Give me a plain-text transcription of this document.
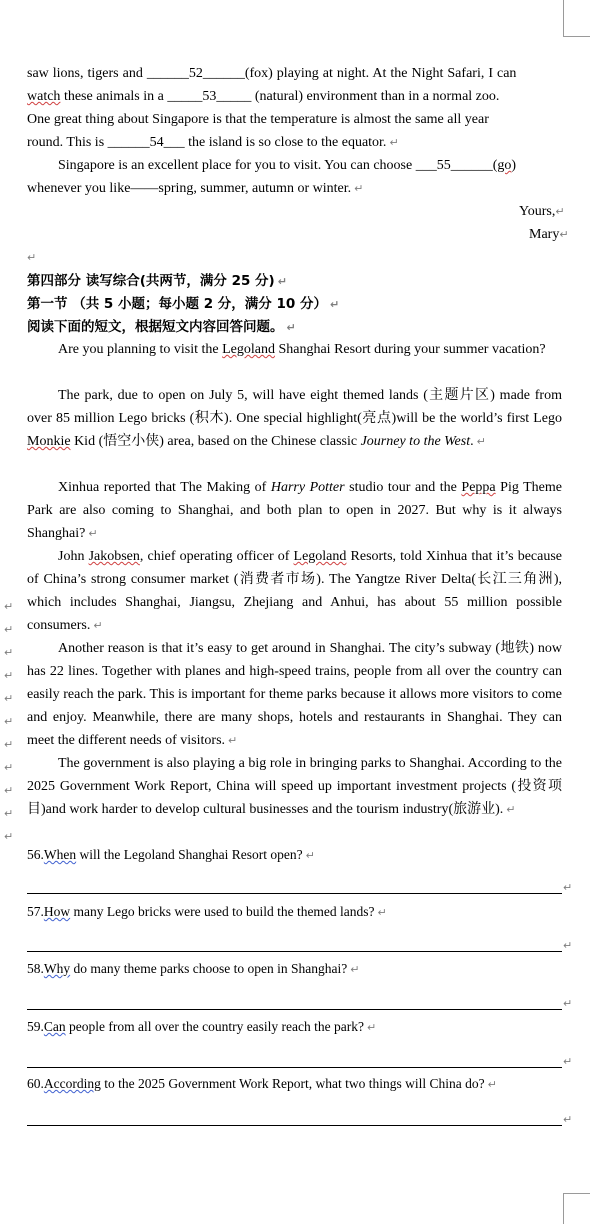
saw lions, tigers and ______52______(fox) playing at night. At the Night Safari, I can
watch these animals in a _____53_____ (natural) environment than in a normal zoo.
One great thing about Singapore is that the temperature is almost the same all year
round. This is ______54___ the island is so close to the equator. ↵
Singapore is an excellent place for you to visit. You can choose ___55______(go)
whenever you like——spring, summer, autumn or winter. ↵
Yours,↵
Mary↵
↵
第四部分 读写综合(共两节，满分 25 分) ↵
第一节 （共 5 小题；每小题 2 分，满分 10 分） ↵
阅读下面的短文，根据短文内容回答问题。 ↵

Are you planning to visit the Legoland Shanghai Resort during your summer vacation?

The park, due to open on July 5, will have eight themed lands (主题片区) made from over 85 million Lego bricks (积木). One special highlight(亮点)will be the world’s first Lego Monkie Kid (悟空小侠) area, based on the Chinese classic Journey to the West. ↵

Xinhua reported that The Making of Harry Potter studio tour and the Peppa Pig Theme Park are also coming to Shanghai, and both plan to open in 2027. But why is it always Shanghai? ↵

John Jakobsen, chief operating officer of Legoland Resorts, told Xinhua that it’s because of China’s strong consumer market (消费者市场). The Yangtze River Delta(长江三角洲), which includes Shanghai, Jiangsu, Zhejiang and Anhui, has about 55 million possible consumers. ↵

Another reason is that it’s easy to get around in Shanghai. The city’s subway (地铁) now has 22 lines. Together with planes and high-speed trains, people from all over the country can easily reach the park. This is important for theme parks because it allows more visitors to come and enjoy. Meanwhile, there are many shops, hotels and restaurants in Shanghai. They can meet the different needs of visitors. ↵

The government is also playing a big role in bringing parks to Shanghai. According to the 2025 Government Work Report, China will speed up important investment projects (投资项目)and work harder to develop cultural businesses and the tourism industry(旅游业). ↵

↵
↵
↵
↵
↵
↵
↵
↵
↵
↵
↵
56.When will the Legoland Shanghai Resort open? ↵
↵
57.How many Lego bricks were used to build the themed lands? ↵
↵
58.Why do many theme parks choose to open in Shanghai? ↵
↵
59.Can people from all over the country easily reach the park? ↵
↵
60.According to the 2025 Government Work Report, what two things will China do? ↵
↵
